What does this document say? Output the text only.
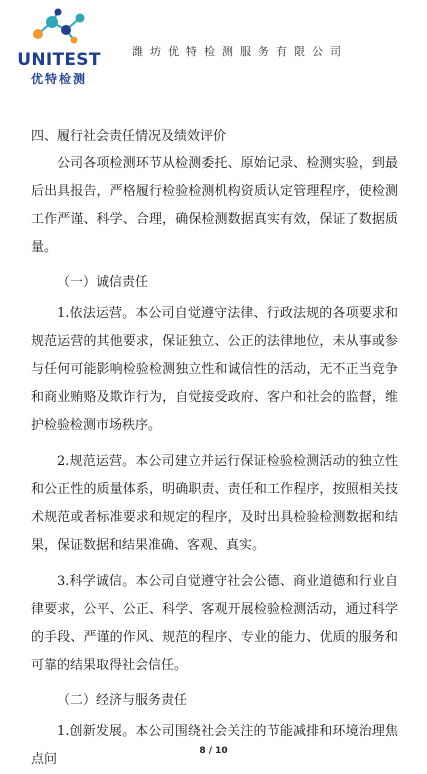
UNITEST
优特检测
潍坊优特检测服务有限公司

四、履行社会责任情况及绩效评价

公司各项检测环节从检测委托、原始记录、检测实验，到最后出具报告，严格履行检验检测机构资质认定管理程序，使检测工作严谨、科学、合理，确保检测数据真实有效，保证了数据质量。

（一）诚信责任

1.依法运营。本公司自觉遵守法律、行政法规的各项要求和规范运营的其他要求，保证独立、公正的法律地位，未从事或参与任何可能影响检验检测独立性和诚信性的活动，无不正当竞争和商业贿赂及欺诈行为，自觉接受政府、客户和社会的监督，维护检验检测市场秩序。

2.规范运营。本公司建立并运行保证检验检测活动的独立性和公正性的质量体系，明确职责、责任和工作程序，按照相关技术规范或者标准要求和规定的程序，及时出具检验检测数据和结果，保证数据和结果准确、客观、真实。

3.科学诚信。本公司自觉遵守社会公德、商业道德和行业自律要求，公平、公正、科学、客观开展检验检测活动，通过科学的手段、严谨的作风、规范的程序、专业的能力、优质的服务和可靠的结果取得社会信任。

（二）经济与服务责任

1.创新发展。本公司围绕社会关注的节能减排和环境治理焦点问

8 / 10
